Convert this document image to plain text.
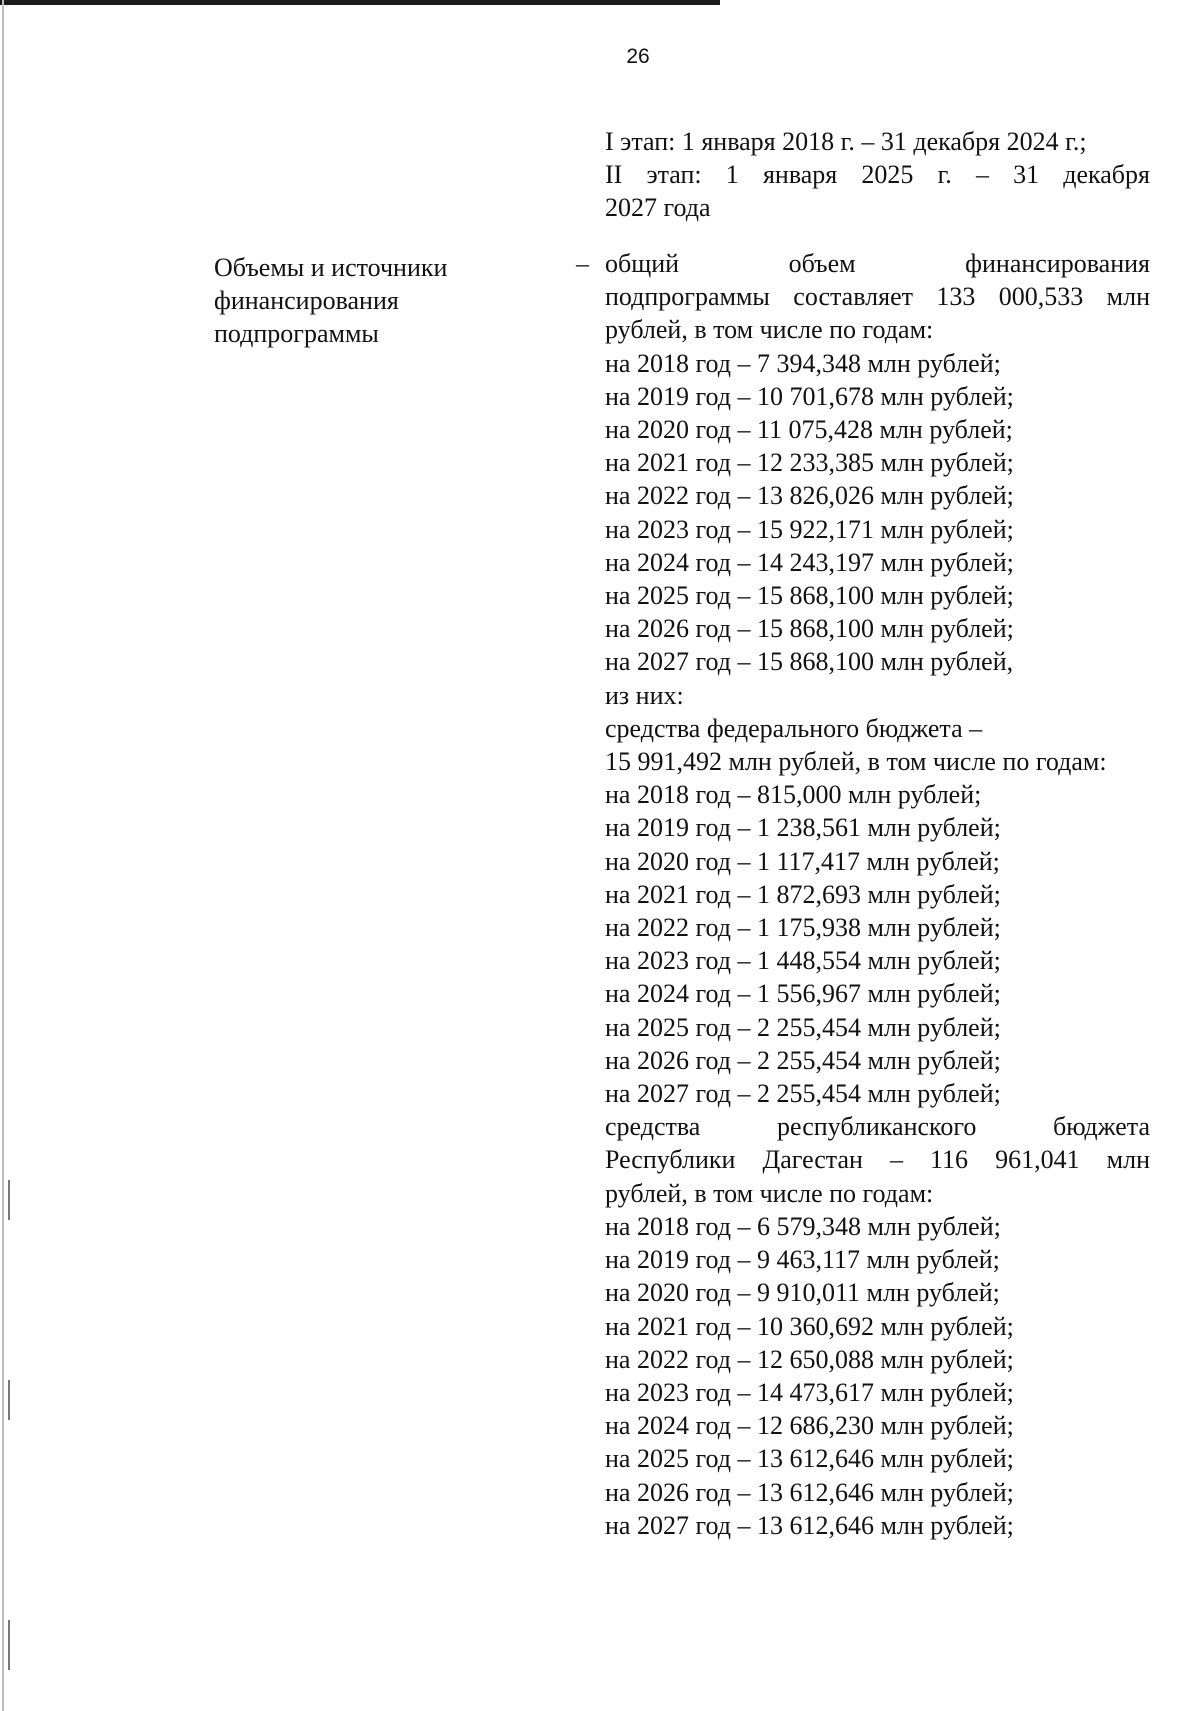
26
I этап: 1 января 2018 г. – 31 декабря 2024 г.;
II этап: 1 января 2025 г. – 31 декабря
2027 года
Объемы и источники
финансирования
подпрограммы
– общий объем финансирования
подпрограммы составляет 133 000,533 млн
рублей, в том числе по годам:
на 2018 год – 7 394,348 млн рублей;
на 2019 год – 10 701,678 млн рублей;
на 2020 год – 11 075,428 млн рублей;
на 2021 год – 12 233,385 млн рублей;
на 2022 год – 13 826,026 млн рублей;
на 2023 год – 15 922,171 млн рублей;
на 2024 год – 14 243,197 млн рублей;
на 2025 год – 15 868,100 млн рублей;
на 2026 год – 15 868,100 млн рублей;
на 2027 год – 15 868,100 млн рублей,
из них:
средства федерального бюджета –
15 991,492 млн рублей, в том числе по годам:
на 2018 год – 815,000 млн рублей;
на 2019 год – 1 238,561 млн рублей;
на 2020 год – 1 117,417 млн рублей;
на 2021 год – 1 872,693 млн рублей;
на 2022 год – 1 175,938 млн рублей;
на 2023 год – 1 448,554 млн рублей;
на 2024 год – 1 556,967 млн рублей;
на 2025 год – 2 255,454 млн рублей;
на 2026 год – 2 255,454 млн рублей;
на 2027 год – 2 255,454 млн рублей;
средства республиканского бюджета
Республики Дагестан – 116 961,041 млн
рублей, в том числе по годам:
на 2018 год – 6 579,348 млн рублей;
на 2019 год – 9 463,117 млн рублей;
на 2020 год – 9 910,011 млн рублей;
на 2021 год – 10 360,692 млн рублей;
на 2022 год – 12 650,088 млн рублей;
на 2023 год – 14 473,617 млн рублей;
на 2024 год – 12 686,230 млн рублей;
на 2025 год – 13 612,646 млн рублей;
на 2026 год – 13 612,646 млн рублей;
на 2027 год – 13 612,646 млн рублей;
